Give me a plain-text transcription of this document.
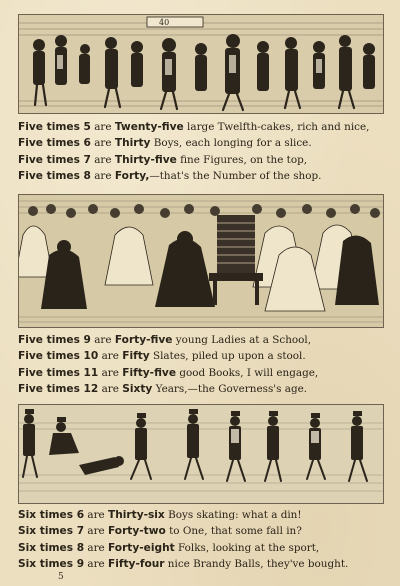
40
Five times 5 are Twenty-five large Twelfth-cakes, rich and nice,
Five times 6 are Thirty Boys, each longing for a slice.
Five times 7 are Thirty-five fine Figures, on the top,
Five times 8 are Forty,—that's the Number of the shop.
Five times 9 are Forty-five young Ladies at a School,
Five times 10 are Fifty Slates, piled up upon a stool.
Five times 11 are Fifty-five good Books, I will engage,
Five times 12 are Sixty Years,—the Governess's age.
Six times 6 are Thirty-six Boys skating: what a din!
Six times 7 are Forty-two to One, that some fall in?
Six times 8 are Forty-eight Folks, looking at the sport,
Six times 9 are Fifty-four nice Brandy Balls, they've bought.
5
